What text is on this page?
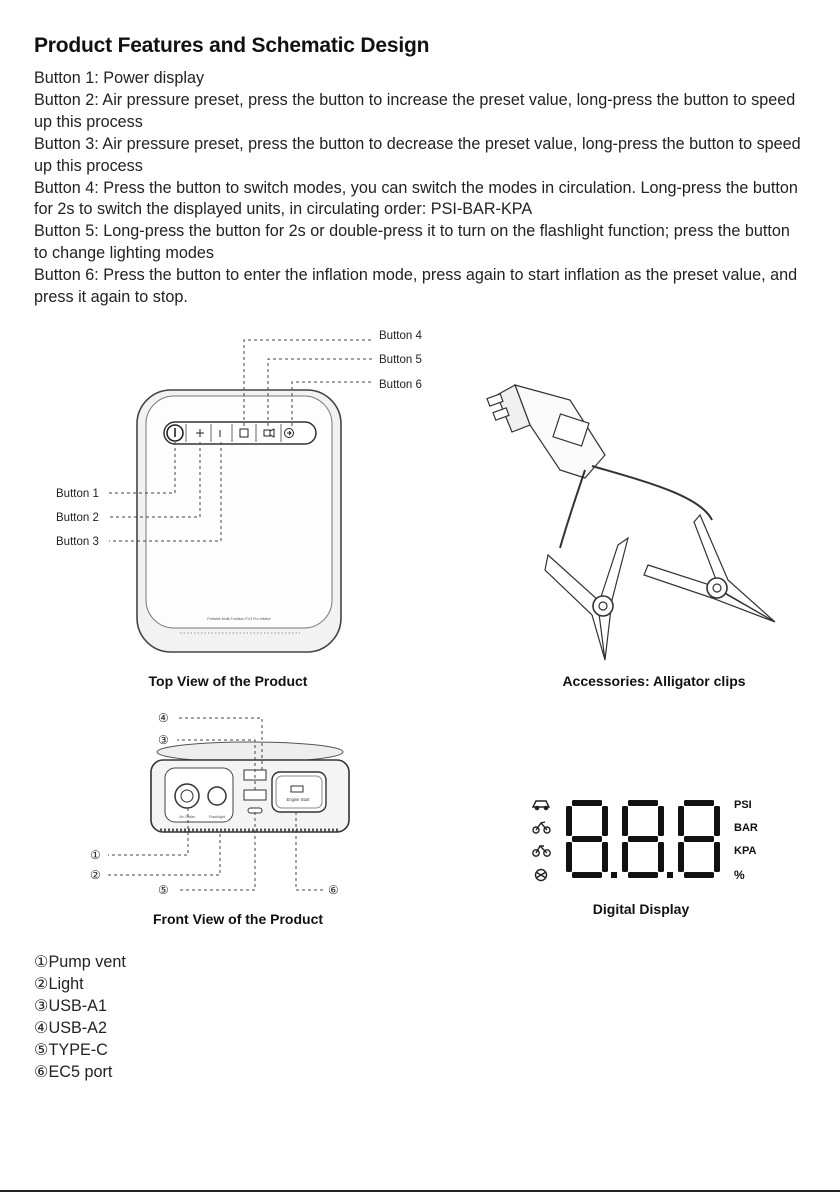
Product Features and Schematic Design

Button 1: Power display

Button 2: Air pressure preset, press the button to increase the preset value, long-press the button to speed up this process

Button 3: Air pressure preset, press the button to decrease the preset value, long-press the button to speed up this process

Button 4: Press the button to switch modes, you can switch the modes in circulation. Long-press the button for 2s to switch the displayed units, in circulating order: PSI-BAR-KPA

Button 5: Long-press the button for 2s or double-press it to turn on the flashlight function; press the button to change lighting modes

Button 6: Press the button to enter the inflation mode, press again to start inflation as the preset value, and press it again to stop.

Portable Multi-Function EV3 Pro Inflator
Button 4
Button 5
Button 6
Button 1
Button 2
Button 3
Top View of the Product	Accessories: Alligator clips
Air Outlet	Flashlight
Engine Start
④
③
①
②
⑤	⑥
Front View of the Product
PSI
BAR
KPA
%
Digital Display
①Pump vent
②Light
③USB-A1
④USB-A2
⑤TYPE-C
⑥EC5 port
